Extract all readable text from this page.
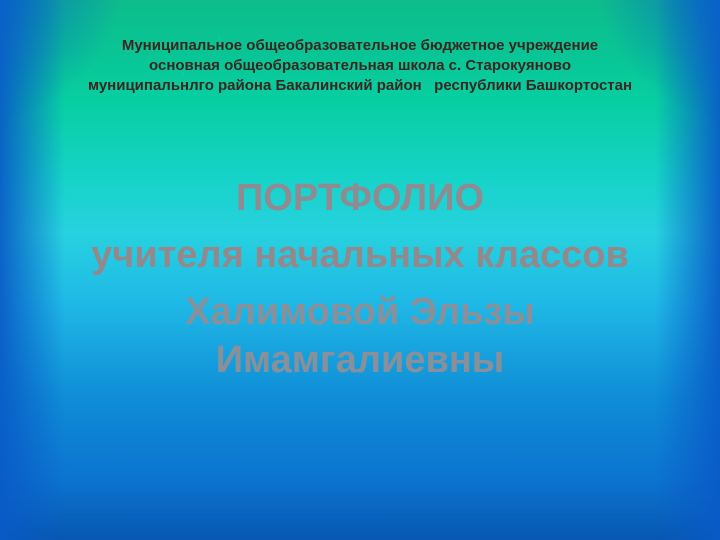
Муниципальное общеобразовательное бюджетное учреждение
основная общеобразовательная школа с. Старокуяново
муниципальнлго района Бакалинский район   республики Башкортостан
ПОРТФОЛИО
учителя начальных классов
Халимовой Эльзы Имамгалиевны
